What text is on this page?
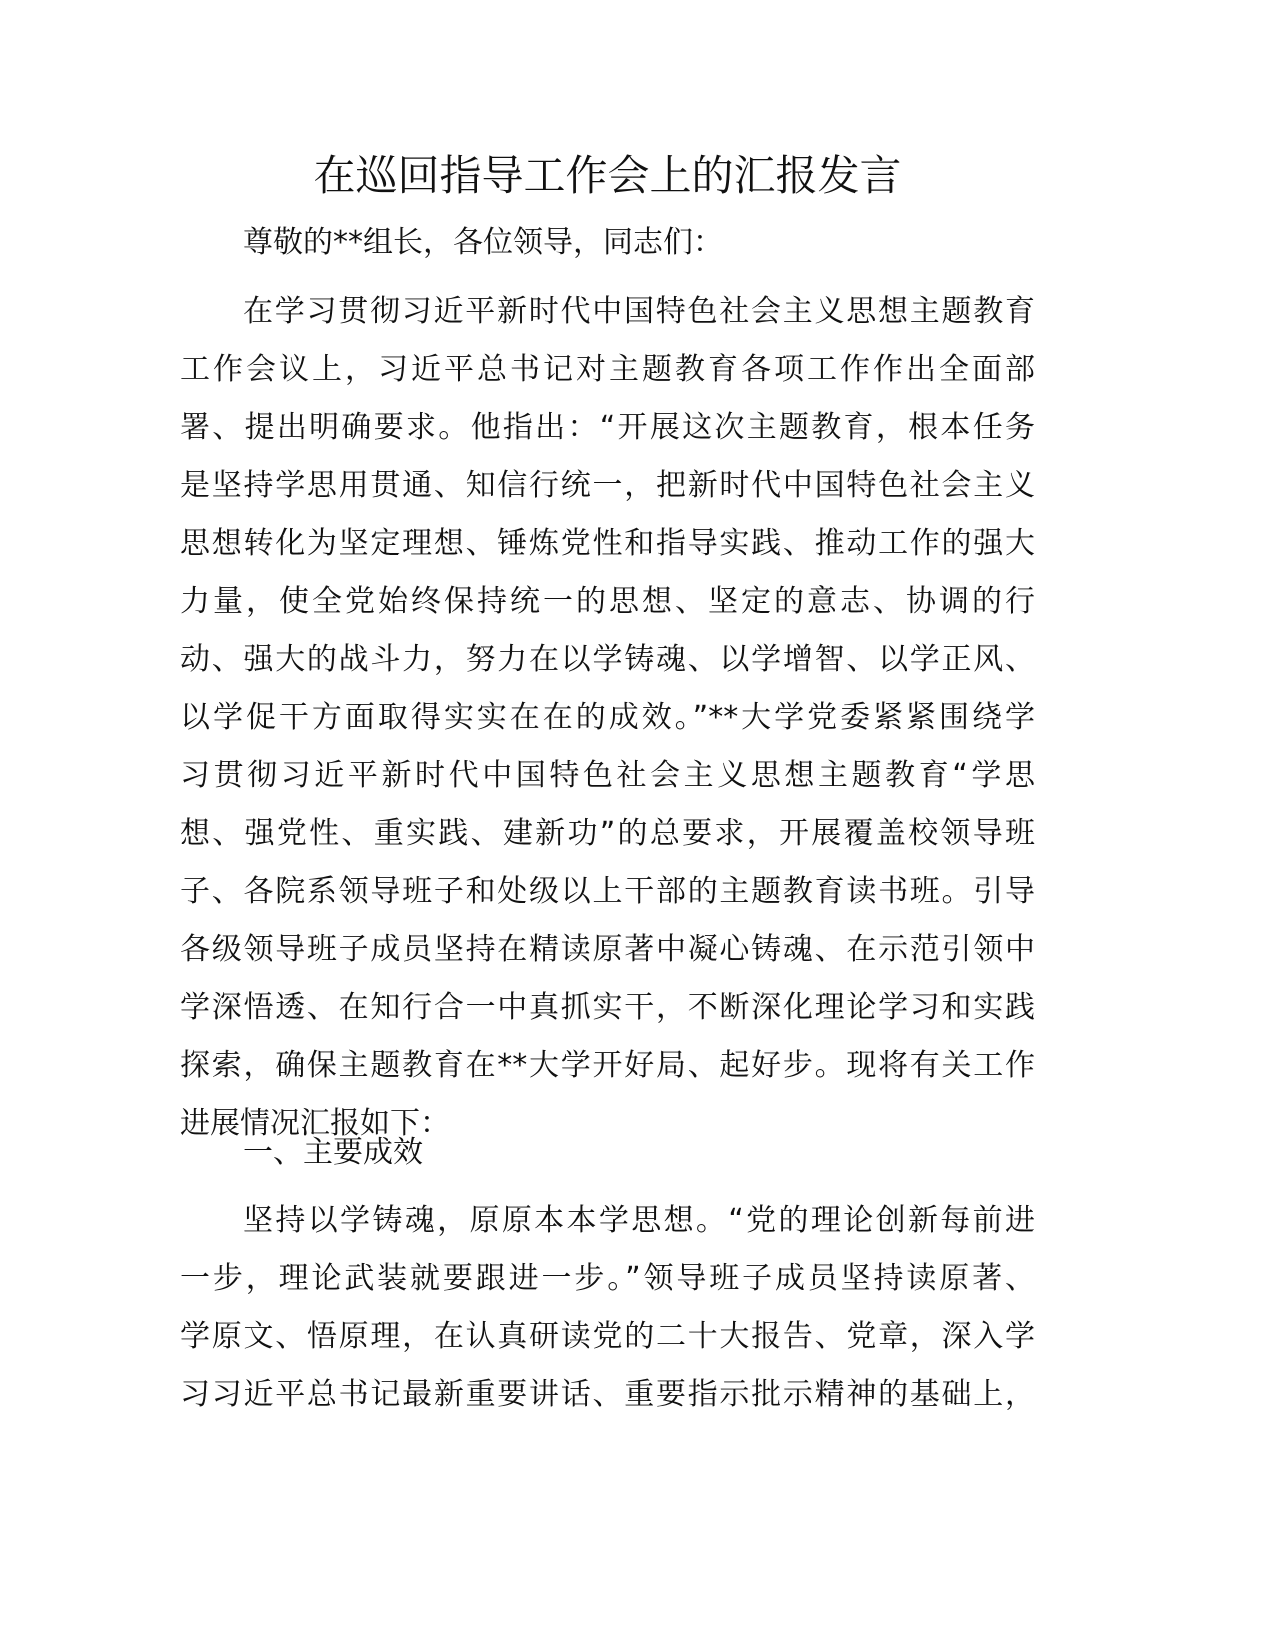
在巡回指导工作会上的汇报发言

尊敬的**组长，各位领导，同志们：

在学习贯彻习近平新时代中国特色社会主义思想主题教育
工作会议上，习近平总书记对主题教育各项工作作出全面部
署、提出明确要求。他指出：“开展这次主题教育，根本任务
是坚持学思用贯通、知信行统一，把新时代中国特色社会主义
思想转化为坚定理想、锤炼党性和指导实践、推动工作的强大
力量，使全党始终保持统一的思想、坚定的意志、协调的行
动、强大的战斗力，努力在以学铸魂、以学增智、以学正风、
以学促干方面取得实实在在的成效。”**大学党委紧紧围绕学
习贯彻习近平新时代中国特色社会主义思想主题教育“学思
想、强党性、重实践、建新功”的总要求，开展覆盖校领导班
子、各院系领导班子和处级以上干部的主题教育读书班。引导
各级领导班子成员坚持在精读原著中凝心铸魂、在示范引领中
学深悟透、在知行合一中真抓实干，不断深化理论学习和实践
探索，确保主题教育在**大学开好局、起好步。现将有关工作
进展情况汇报如下：
一、主要成效
坚持以学铸魂，原原本本学思想。“党的理论创新每前进
一步，理论武装就要跟进一步。”领导班子成员坚持读原著、
学原文、悟原理，在认真研读党的二十大报告、党章，深入学
习习近平总书记最新重要讲话、重要指示批示精神的基础上，
